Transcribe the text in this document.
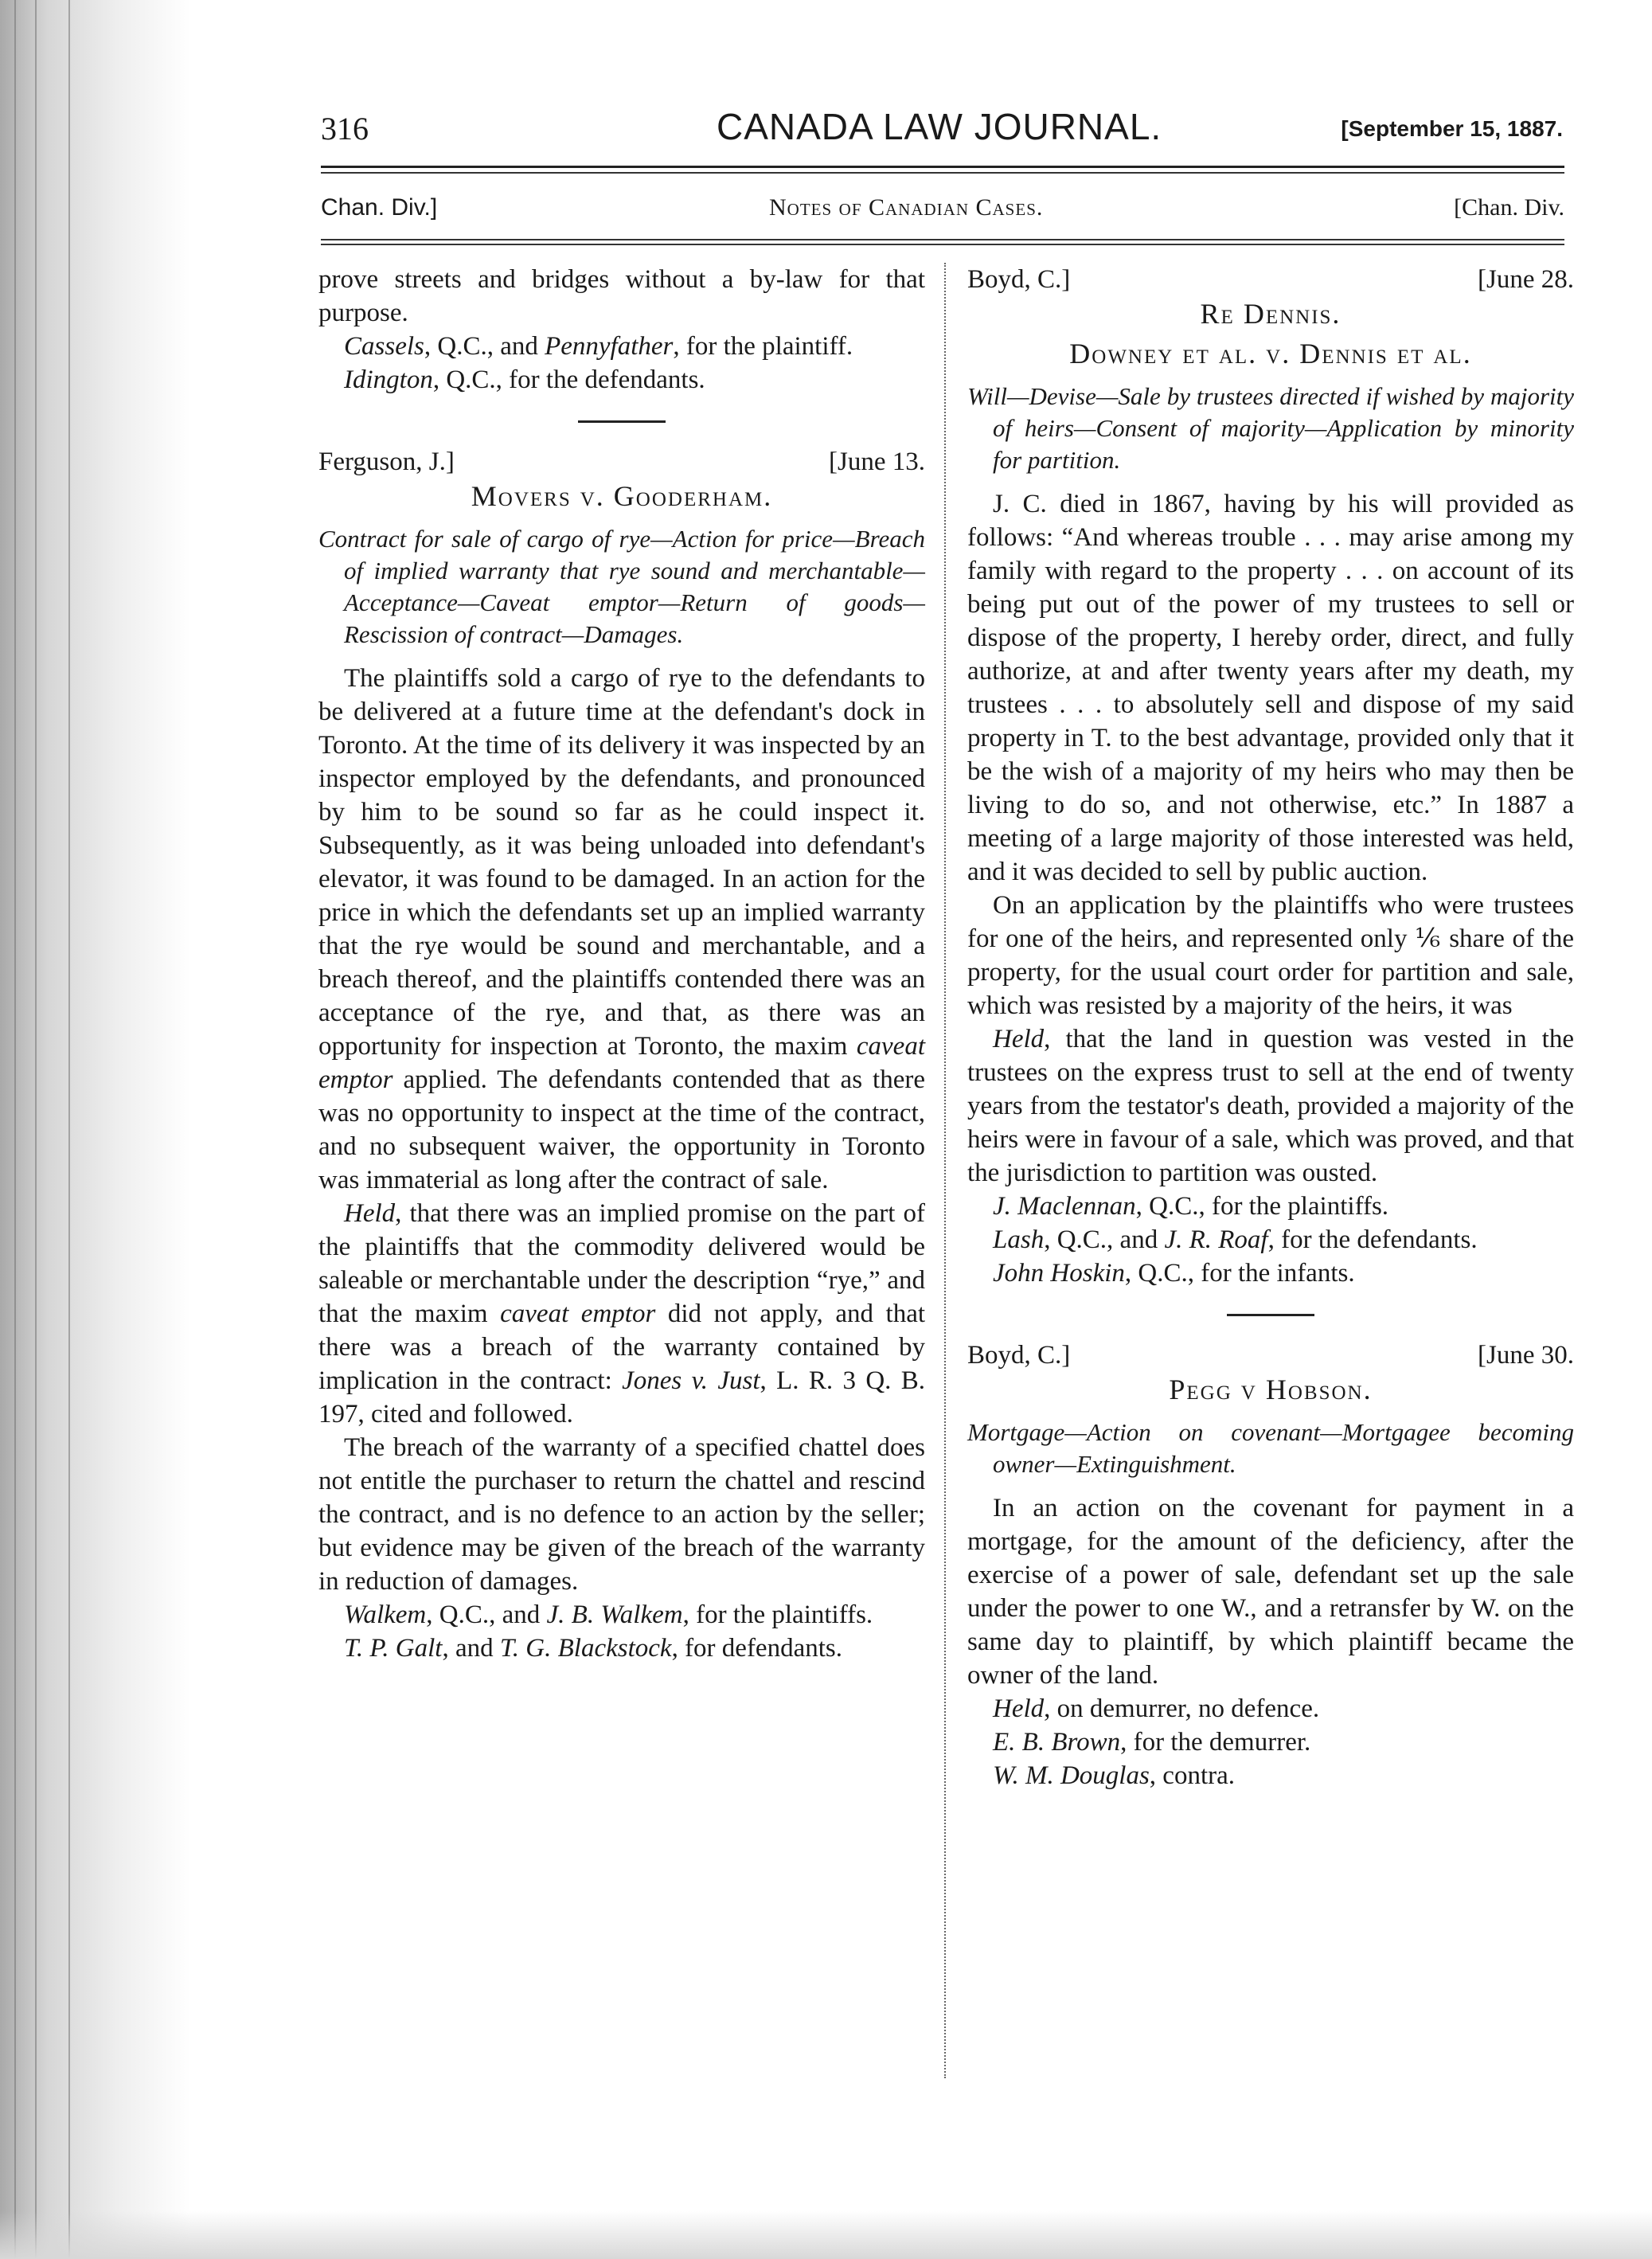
316	CANADA LAW JOURNAL.	[September 15, 1887.
Chan. Div.]	Notes of Canadian Cases.	[Chan. Div.

prove streets and bridges without a by-law for that purpose.

Cassels, Q.C., and Pennyfather, for the plaintiff.

Idington, Q.C., for the defendants.

Ferguson, J.]	[June 13.
Movers v. Gooderham.

Contract for sale of cargo of rye—Action for price—Breach of implied warranty that rye sound and merchantable—Acceptance—Caveat emptor—Return of goods—Rescission of contract—Damages.

The plaintiffs sold a cargo of rye to the defendants to be delivered at a future time at the defendant's dock in Toronto. At the time of its delivery it was inspected by an inspector employed by the defendants, and pronounced by him to be sound so far as he could inspect it. Subsequently, as it was being unloaded into defendant's elevator, it was found to be damaged. In an action for the price in which the defendants set up an implied warranty that the rye would be sound and merchantable, and a breach thereof, and the plaintiffs contended there was an acceptance of the rye, and that, as there was an opportunity for inspection at Toronto, the maxim caveat emptor applied. The defendants contended that as there was no opportunity to inspect at the time of the contract, and no subsequent waiver, the opportunity in Toronto was immaterial as long after the contract of sale.

Held, that there was an implied promise on the part of the plaintiffs that the commodity delivered would be saleable or merchantable under the description “rye,” and that the maxim caveat emptor did not apply, and that there was a breach of the warranty contained by implication in the contract: Jones v. Just, L. R. 3 Q. B. 197, cited and followed.

The breach of the warranty of a specified chattel does not entitle the purchaser to return the chattel and rescind the contract, and is no defence to an action by the seller; but evidence may be given of the breach of the warranty in reduction of damages.

Walkem, Q.C., and J. B. Walkem, for the plaintiffs.

T. P. Galt, and T. G. Blackstock, for defendants.

Boyd, C.]	[June 28.
Re Dennis.
Downey et al. v. Dennis et al.

Will—Devise—Sale by trustees directed if wished by majority of heirs—Consent of majority—Application by minority for partition.

J. C. died in 1867, having by his will provided as follows: “And whereas trouble . . . may arise among my family with regard to the property . . . on account of its being put out of the power of my trustees to sell or dispose of the property, I hereby order, direct, and fully authorize, at and after twenty years after my death, my trustees . . . to absolutely sell and dispose of my said property in T. to the best advantage, provided only that it be the wish of a majority of my heirs who may then be living to do so, and not otherwise, etc.” In 1887 a meeting of a large majority of those interested was held, and it was decided to sell by public auction.

On an application by the plaintiffs who were trustees for one of the heirs, and represented only ⅙ share of the property, for the usual court order for partition and sale, which was resisted by a majority of the heirs, it was

Held, that the land in question was vested in the trustees on the express trust to sell at the end of twenty years from the testator's death, provided a majority of the heirs were in favour of a sale, which was proved, and that the jurisdiction to partition was ousted.

J. Maclennan, Q.C., for the plaintiffs.

Lash, Q.C., and J. R. Roaf, for the defendants.

John Hoskin, Q.C., for the infants.

Boyd, C.]	[June 30.
Pegg v Hobson.

Mortgage—Action on covenant—Mortgagee becoming owner—Extinguishment.

In an action on the covenant for payment in a mortgage, for the amount of the deficiency, after the exercise of a power of sale, defendant set up the sale under the power to one W., and a retransfer by W. on the same day to plaintiff, by which plaintiff became the owner of the land.

Held, on demurrer, no defence.

E. B. Brown, for the demurrer.

W. M. Douglas, contra.
